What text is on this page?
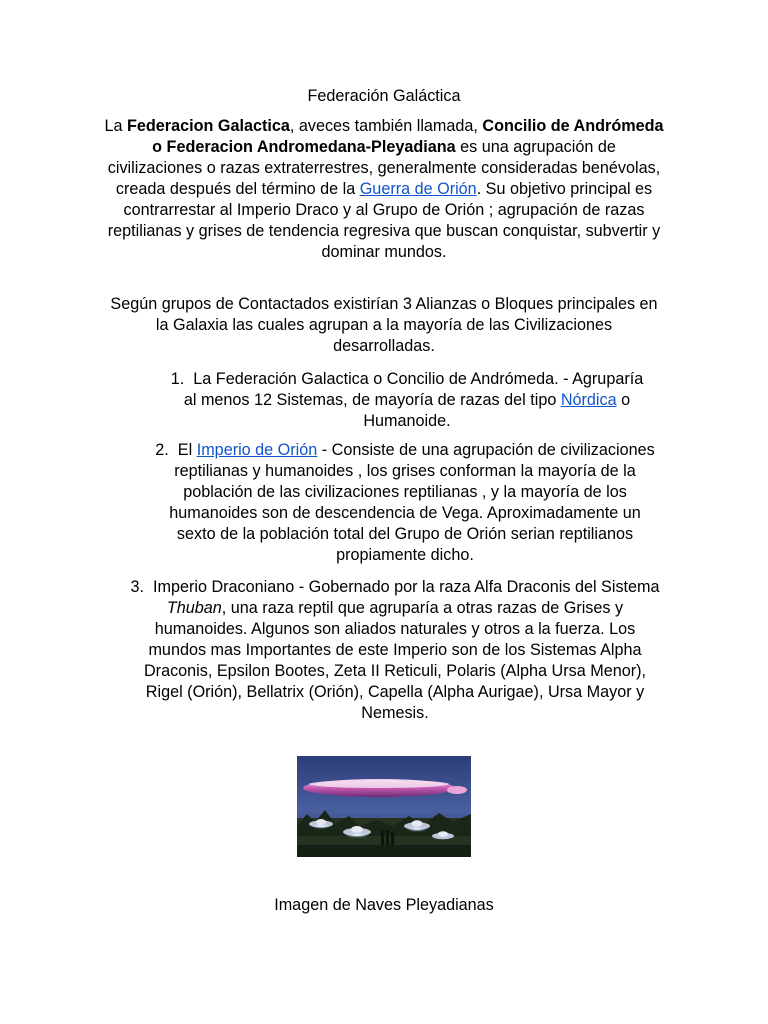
Federación Galáctica
La Federacion Galactica, aveces también llamada, Concilio de Andrómeda o Federacion Andromedana-Pleyadiana es una agrupación de civilizaciones o razas extraterrestres, generalmente consideradas benévolas, creada después del término de la Guerra de Orión. Su objetivo principal es contrarrestar al Imperio Draco y al Grupo de Orión ; agrupación de razas reptilianas y grises de tendencia regresiva que buscan conquistar, subvertir y dominar mundos.
Según grupos de Contactados existirían 3 Alianzas o Bloques principales en la Galaxia las cuales agrupan a la mayoría de las Civilizaciones desarrolladas.
1. La Federación Galactica o Concilio de Andrómeda. - Agruparía al menos 12 Sistemas, de mayoría de razas del tipo Nórdica o Humanoide.
2. El Imperio de Orión - Consiste de una agrupación de civilizaciones reptilianas y humanoides , los grises conforman la mayoría de la población de las civilizaciones reptilianas , y la mayoría de los humanoides son de descendencia de Vega. Aproximadamente un sexto de la población total del Grupo de Orión serian reptilianos propiamente dicho.
3. Imperio Draconiano - Gobernado por la raza Alfa Draconis del Sistema Thuban, una raza reptil que agruparía a otras razas de Grises y humanoides. Algunos son aliados naturales y otros a la fuerza. Los mundos mas Importantes de este Imperio son de los Sistemas Alpha Draconis, Epsilon Bootes, Zeta II Reticuli, Polaris (Alpha Ursa Menor), Rigel (Orión), Bellatrix (Orión), Capella (Alpha Aurigae), Ursa Mayor y Nemesis.
Imagen de Naves Pleyadianas
